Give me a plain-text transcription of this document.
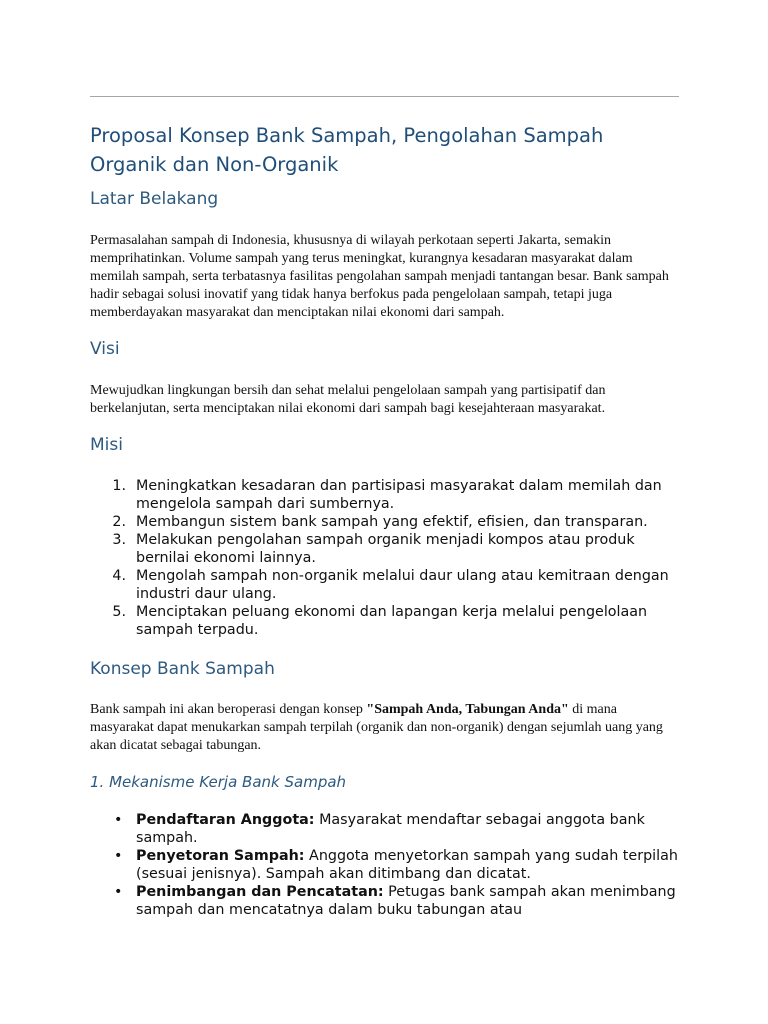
Proposal Konsep Bank Sampah, Pengolahan Sampah Organik dan Non-Organik
Latar Belakang

Permasalahan sampah di Indonesia, khususnya di wilayah perkotaan seperti Jakarta, semakin memprihatinkan. Volume sampah yang terus meningkat, kurangnya kesadaran masyarakat dalam memilah sampah, serta terbatasnya fasilitas pengolahan sampah menjadi tantangan besar. Bank sampah hadir sebagai solusi inovatif yang tidak hanya berfokus pada pengelolaan sampah, tetapi juga memberdayakan masyarakat dan menciptakan nilai ekonomi dari sampah.

Visi

Mewujudkan lingkungan bersih dan sehat melalui pengelolaan sampah yang partisipatif dan berkelanjutan, serta menciptakan nilai ekonomi dari sampah bagi kesejahteraan masyarakat.

Misi
1. Meningkatkan kesadaran dan partisipasi masyarakat dalam memilah dan mengelola sampah dari sumbernya.
2. Membangun sistem bank sampah yang efektif, efisien, dan transparan.
3. Melakukan pengolahan sampah organik menjadi kompos atau produk bernilai ekonomi lainnya.
4. Mengolah sampah non-organik melalui daur ulang atau kemitraan dengan industri daur ulang.
5. Menciptakan peluang ekonomi dan lapangan kerja melalui pengelolaan sampah terpadu.
Konsep Bank Sampah

Bank sampah ini akan beroperasi dengan konsep "Sampah Anda, Tabungan Anda" di mana masyarakat dapat menukarkan sampah terpilah (organik dan non-organik) dengan sejumlah uang yang akan dicatat sebagai tabungan.

1. Mekanisme Kerja Bank Sampah
• Pendaftaran Anggota: Masyarakat mendaftar sebagai anggota bank sampah.
• Penyetoran Sampah: Anggota menyetorkan sampah yang sudah terpilah (sesuai jenisnya). Sampah akan ditimbang dan dicatat.
• Penimbangan dan Pencatatan: Petugas bank sampah akan menimbang sampah dan mencatatnya dalam buku tabungan atau
